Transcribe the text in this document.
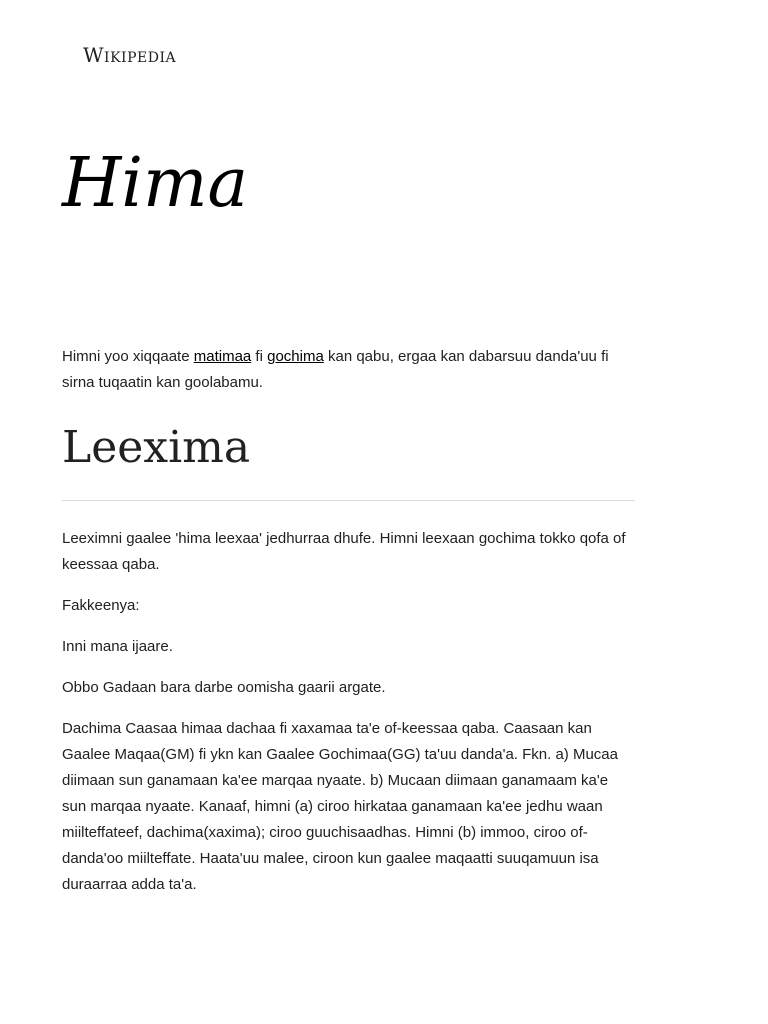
Wikipedia
Hima

Himni yoo xiqqaate matimaa fi gochima kan qabu, ergaa kan dabarsuu danda'uu fi sirna tuqaatin kan goolabamu.

Leexima

Leeximni gaalee 'hima leexaa' jedhurraa dhufe. Himni leexaan gochima tokko qofa of keessaa qaba.

Fakkeenya:

Inni mana ijaare.

Obbo Gadaan bara darbe oomisha gaarii argate.

Dachima Caasaa himaa dachaa fi xaxamaa ta'e of-keessaa qaba. Caasaan kan Gaalee Maqaa(GM) fi ykn kan Gaalee Gochimaa(GG) ta'uu danda'a. Fkn. a) Mucaa diimaan sun ganamaan ka'ee marqaa nyaate. b) Mucaan diimaan ganamaam ka'e sun marqaa nyaate. Kanaaf, himni (a) ciroo hirkataa ganamaan ka'ee jedhu waan miilteffateef, dachima(xaxima); ciroo guuchisaadhas. Himni (b) immoo, ciroo of-danda'oo miilteffate. Haata'uu malee, ciroon kun gaalee maqaatti suuqamuun isa duraarraa adda ta'a.
